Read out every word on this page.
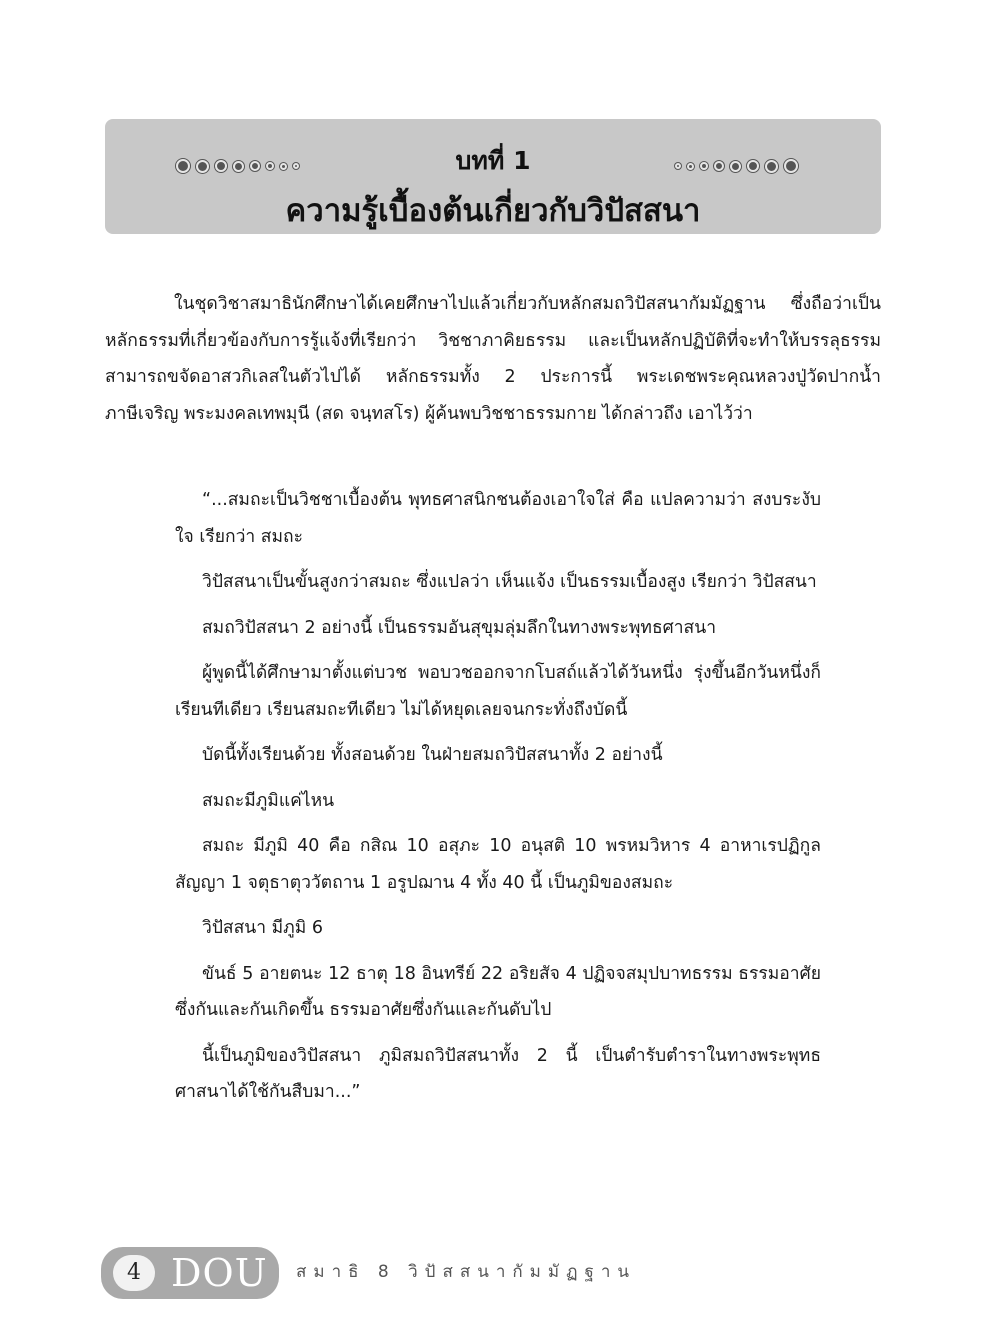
บทที่ 1
ความรู้เบื้องต้นเกี่ยวกับวิปัสสนา

ในชุดวิชาสมาธินักศึกษาได้เคยศึกษาไปแล้วเกี่ยวกับหลักสมถวิปัสสนากัมมัฏฐาน ซึ่งถือว่าเป็นหลักธรรมที่เกี่ยวข้องกับการรู้แจ้งที่เรียกว่า วิชชาภาคิยธรรม และเป็นหลักปฏิบัติที่จะทำให้บรรลุธรรมสามารถขจัดอาสวกิเลสในตัวไปได้ หลักธรรมทั้ง 2 ประการนี้ พระเดชพระคุณหลวงปู่วัดปากน้ำ ภาษีเจริญ พระมงคลเทพมุนี (สด จนฺทสโร) ผู้ค้นพบวิชชาธรรมกาย ได้กล่าวถึง เอาไว้ว่า

“...สมถะเป็นวิชชาเบื้องต้น พุทธศาสนิกชนต้องเอาใจใส่ คือ แปลความว่า สงบระงับใจ เรียกว่า สมถะ

วิปัสสนาเป็นขั้นสูงกว่าสมถะ ซึ่งแปลว่า เห็นแจ้ง เป็นธรรมเบื้องสูง เรียกว่า วิปัสสนา

สมถวิปัสสนา 2 อย่างนี้ เป็นธรรมอันสุขุมลุ่มลึกในทางพระพุทธศาสนา

ผู้พูดนี้ได้ศึกษามาตั้งแต่บวช พอบวชออกจากโบสถ์แล้วได้วันหนึ่ง รุ่งขึ้นอีกวันหนึ่งก็เรียนทีเดียว เรียนสมถะทีเดียว ไม่ได้หยุดเลยจนกระทั่งถึงบัดนี้

บัดนี้ทั้งเรียนด้วย ทั้งสอนด้วย ในฝ่ายสมถวิปัสสนาทั้ง 2 อย่างนี้

สมถะมีภูมิแค่ไหน

สมถะ มีภูมิ 40 คือ กสิณ 10 อสุภะ 10 อนุสติ 10 พรหมวิหาร 4 อาหาเรปฏิกูลสัญญา 1 จตุธาตุววัตถาน 1 อรูปฌาน 4 ทั้ง 40 นี้ เป็นภูมิของสมถะ

วิปัสสนา มีภูมิ 6

ขันธ์ 5 อายตนะ 12 ธาตุ 18 อินทรีย์ 22 อริยสัจ 4 ปฏิจจสมุปบาทธรรม ธรรมอาศัยซึ่งกันและกันเกิดขึ้น ธรรมอาศัยซึ่งกันและกันดับไป

นี้เป็นภูมิของวิปัสสนา ภูมิสมถวิปัสสนาทั้ง 2 นี้ เป็นตำรับตำราในทางพระพุทธศาสนาได้ใช้กันสืบมา...”

4 DOU สมาธิ 8 วิปัสสนากัมมัฏฐาน
